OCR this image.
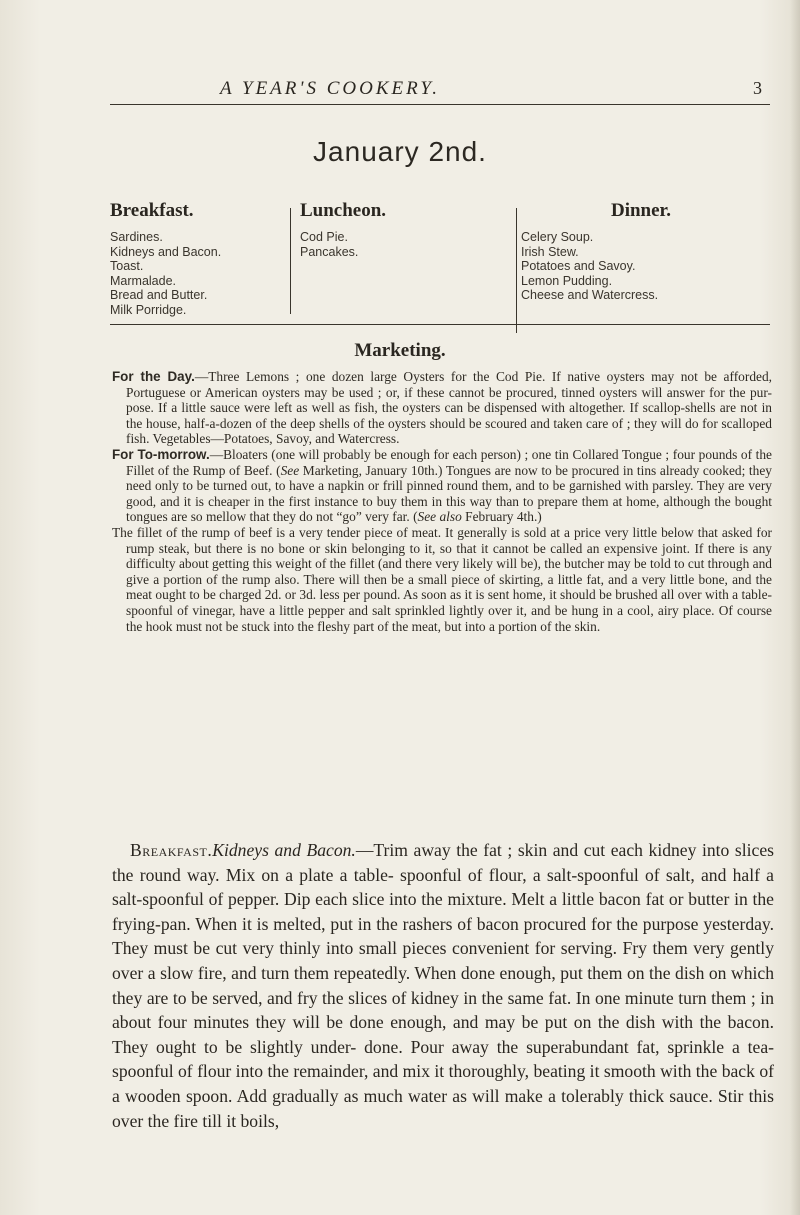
A YEAR'S COOKERY.	3
January 2nd.
Breakfast.
Sardines.
Kidneys and Bacon.
Toast.
Marmalade.
Bread and Butter.
Milk Porridge.
Luncheon.
Cod Pie.
Pancakes.
Dinner.
Celery Soup.
Irish Stew.
Potatoes and Savoy.
Lemon Pudding.
Cheese and Watercress.
Marketing.

For the Day.—Three Lemons ; one dozen large Oysters for the Cod Pie. If native oysters may not be afforded, Portuguese or American oysters may be used ; or, if these cannot be procured, tinned oysters will answer for the pur- pose. If a little sauce were left as well as fish, the oysters can be dispensed with altogether. If scallop-shells are not in the house, half-a-dozen of the deep shells of the oysters should be scoured and taken care of ; they will do for scalloped fish. Vegetables—Potatoes, Savoy, and Watercress.

For To-morrow.—Bloaters (one will probably be enough for each person) ; one tin Collared Tongue ; four pounds of the Fillet of the Rump of Beef. (See Marketing, January 10th.) Tongues are now to be procured in tins already cooked; they need only to be turned out, to have a napkin or frill pinned round them, and to be garnished with parsley. They are very good, and it is cheaper in the first instance to buy them in this way than to prepare them at home, although the bought tongues are so mellow that they do not “go” very far. (See also February 4th.)

The fillet of the rump of beef is a very tender piece of meat. It generally is sold at a price very little below that asked for rump steak, but there is no bone or skin belonging to it, so that it cannot be called an expensive joint. If there is any difficulty about getting this weight of the fillet (and there very likely will be), the butcher may be told to cut through and give a portion of the rump also. There will then be a small piece of skirting, a little fat, and a very little bone, and the meat ought to be charged 2d. or 3d. less per pound. As soon as it is sent home, it should be brushed all over with a table-spoonful of vinegar, have a little pepper and salt sprinkled lightly over it, and be hung in a cool, airy place. Of course the hook must not be stuck into the fleshy part of the meat, but into a portion of the skin.

Breakfast.Kidneys and Bacon.—Trim away the fat ; skin and cut each kidney into slices the round way. Mix on a plate a table- spoonful of flour, a salt-spoonful of salt, and half a salt-spoonful of pepper. Dip each slice into the mixture. Melt a little bacon fat or butter in the frying-pan. When it is melted, put in the rashers of bacon procured for the purpose yesterday. They must be cut very thinly into small pieces convenient for serving. Fry them very gently over a slow fire, and turn them repeatedly. When done enough, put them on the dish on which they are to be served, and fry the slices of kidney in the same fat. In one minute turn them ; in about four minutes they will be done enough, and may be put on the dish with the bacon. They ought to be slightly under- done. Pour away the superabundant fat, sprinkle a tea-spoonful of flour into the remainder, and mix it thoroughly, beating it smooth with the back of a wooden spoon. Add gradually as much water as will make a tolerably thick sauce. Stir this over the fire till it boils,
